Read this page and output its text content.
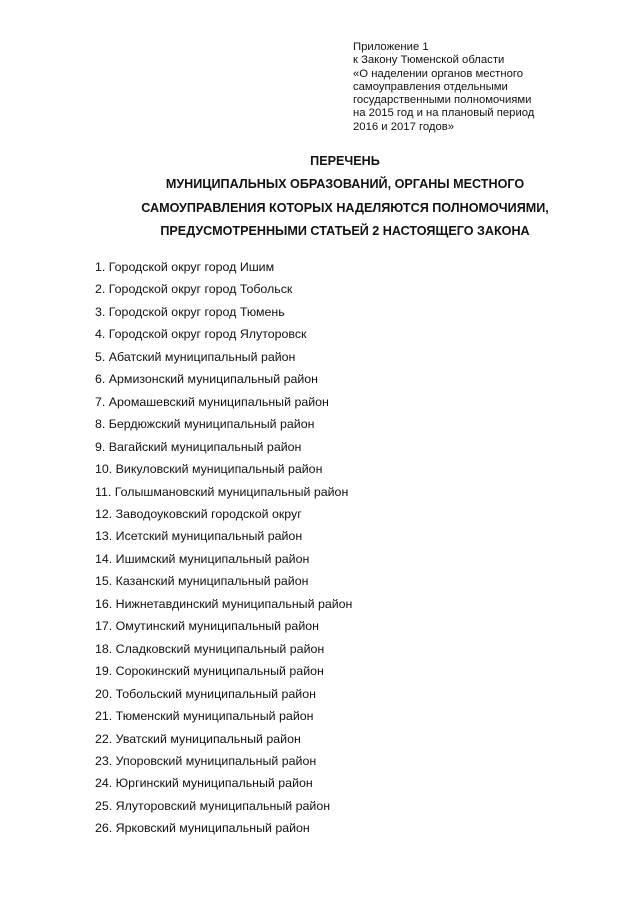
Приложение 1
к Закону Тюменской области
«О наделении органов местного
самоуправления отдельными
государственными полномочиями
на 2015 год и на плановый период
2016 и 2017 годов»
ПЕРЕЧЕНЬ
МУНИЦИПАЛЬНЫХ ОБРАЗОВАНИЙ, ОРГАНЫ МЕСТНОГО
САМОУПРАВЛЕНИЯ КОТОРЫХ НАДЕЛЯЮТСЯ ПОЛНОМОЧИЯМИ,
ПРЕДУСМОТРЕННЫМИ СТАТЬЕЙ 2 НАСТОЯЩЕГО ЗАКОНА
1. Городской округ город Ишим
2. Городской округ город Тобольск
3. Городской округ город Тюмень
4. Городской округ город Ялуторовск
5. Абатский муниципальный район
6. Армизонский муниципальный район
7. Аромашевский муниципальный район
8. Бердюжский муниципальный район
9. Вагайский муниципальный район
10. Викуловский муниципальный район
11. Голышмановский муниципальный район
12. Заводоуковский городской округ
13. Исетский муниципальный район
14. Ишимский муниципальный район
15. Казанский муниципальный район
16. Нижнетавдинский муниципальный район
17. Омутинский муниципальный район
18. Сладковский муниципальный район
19. Сорокинский муниципальный район
20. Тобольский муниципальный район
21. Тюменский муниципальный район
22. Уватский муниципальный район
23. Упоровский муниципальный район
24. Юргинский муниципальный район
25. Ялуторовский муниципальный район
26. Ярковский муниципальный район
